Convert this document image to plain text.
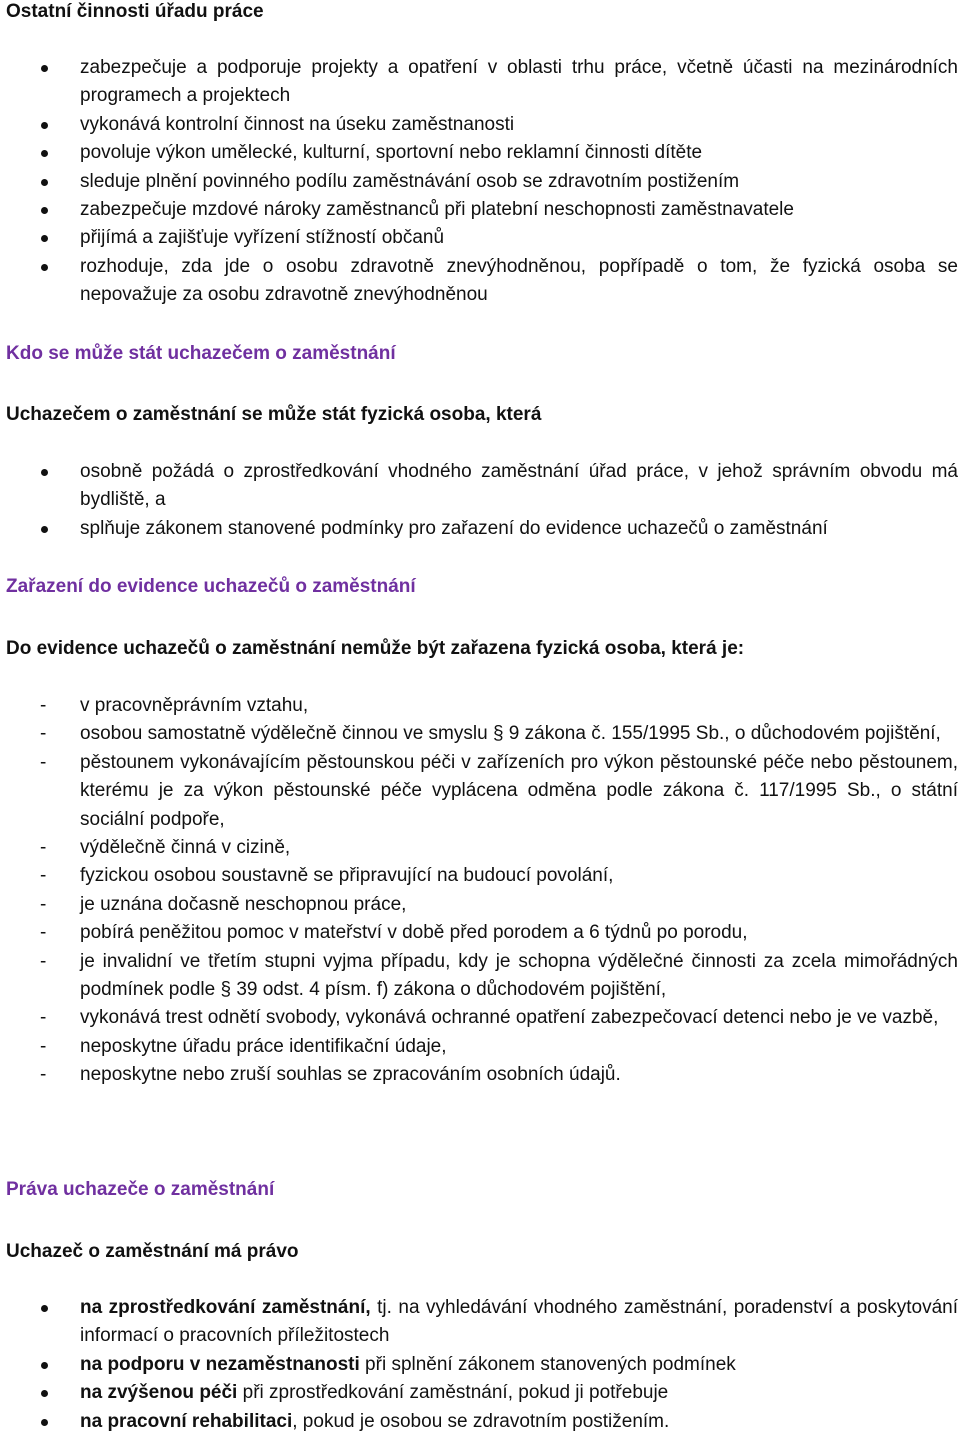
Ostatní činnosti úřadu práce
zabezpečuje a podporuje projekty a opatření v oblasti trhu práce, včetně účasti na mezinárodních programech a projektech
vykonává kontrolní činnost na úseku zaměstnanosti
povoluje výkon umělecké, kulturní, sportovní nebo reklamní činnosti dítěte
sleduje plnění povinného podílu zaměstnávání osob se zdravotním postižením
zabezpečuje mzdové nároky zaměstnanců při platební neschopnosti zaměstnavatele
přijímá a zajišťuje vyřízení stížností občanů
rozhoduje, zda jde o osobu zdravotně znevýhodněnou, popřípadě o tom, že fyzická osoba se nepovažuje za osobu zdravotně znevýhodněnou
Kdo se může stát uchazečem o zaměstnání
Uchazečem o zaměstnání se může stát fyzická osoba, která
osobně požádá o zprostředkování vhodného zaměstnání úřad práce, v jehož správním obvodu má bydliště, a
splňuje zákonem stanovené podmínky pro zařazení do evidence uchazečů o zaměstnání
Zařazení do evidence uchazečů o zaměstnání
Do evidence uchazečů o zaměstnání nemůže být zařazena fyzická osoba, která je:
- v pracovněprávním vztahu,
- osobou samostatně výdělečně činnou ve smyslu § 9 zákona č. 155/1995 Sb., o důchodovém pojištění,
- pěstounem vykonávajícím pěstounskou péči v zařízeních pro výkon pěstounské péče nebo pěstounem, kterému je za výkon pěstounské péče vyplácena odměna podle zákona č. 117/1995 Sb., o státní sociální podpoře,
- výdělečně činná v cizině,
- fyzickou osobou soustavně se připravující na budoucí povolání,
- je uznána dočasně neschopnou práce,
- pobírá peněžitou pomoc v mateřství v době před porodem a 6 týdnů po porodu,
- je invalidní ve třetím stupni vyjma případu, kdy je schopna výdělečné činnosti za zcela mimořádných podmínek podle § 39 odst. 4 písm. f) zákona o důchodovém pojištění,
- vykonává trest odnětí svobody, vykonává ochranné opatření zabezpečovací detenci nebo je ve vazbě,
- neposkytne úřadu práce identifikační údaje,
- neposkytne nebo zruší souhlas se zpracováním osobních údajů.
Práva uchazeče o zaměstnání
Uchazeč o zaměstnání má právo
na zprostředkování zaměstnání, tj. na vyhledávání vhodného zaměstnání, poradenství a poskytování informací o pracovních příležitostech
na podporu v nezaměstnanosti při splnění zákonem stanovených podmínek
na zvýšenou péči při zprostředkování zaměstnání, pokud ji potřebuje
na pracovní rehabilitaci, pokud je osobou se zdravotním postižením.
